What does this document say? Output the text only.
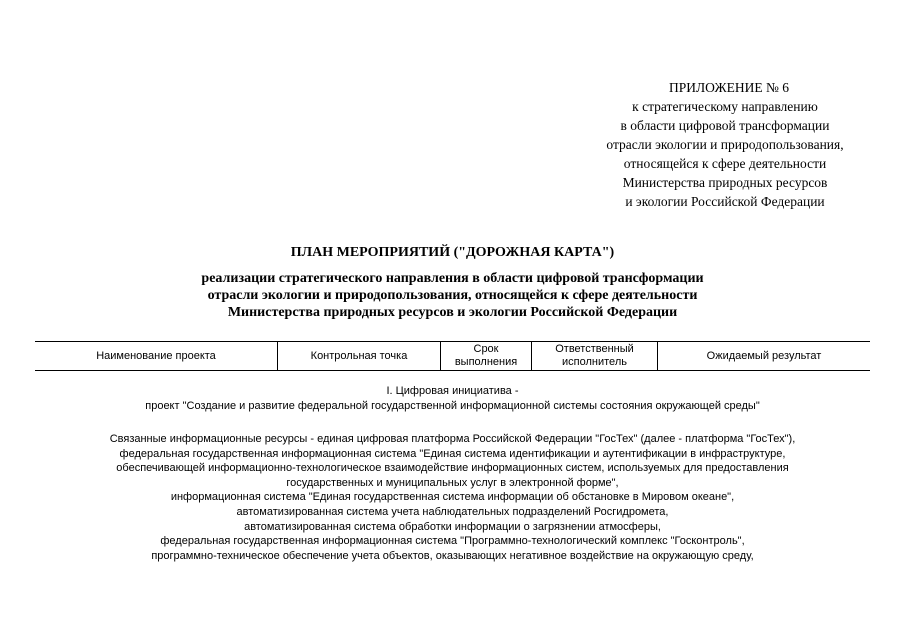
ПРИЛОЖЕНИЕ № 6
к стратегическому направлению
в области цифровой трансформации
отрасли экологии и природопользования,
относящейся к сфере деятельности
Министерства природных ресурсов
и экологии Российской Федерации
ПЛАН МЕРОПРИЯТИЙ ("ДОРОЖНАЯ КАРТА")
реализации стратегического направления в области цифровой трансформации
отрасли экологии и природопользования, относящейся к сфере деятельности
Министерства природных ресурсов и экологии Российской Федерации
Наименование проекта	Контрольная точка	Срок выполнения	Ответственный исполнитель	Ожидаемый результат
I. Цифровая инициатива -
проект "Создание и развитие федеральной государственной информационной системы состояния окружающей среды"
Связанные информационные ресурсы - единая цифровая платформа Российской Федерации "ГосТех" (далее - платформа "ГосТех"),
федеральная государственная информационная система "Единая система идентификации и аутентификации в инфраструктуре,
обеспечивающей информационно-технологическое взаимодействие информационных систем, используемых для предоставления
государственных и муниципальных услуг в электронной форме",
информационная система "Единая государственная система информации об обстановке в Мировом океане",
автоматизированная система учета наблюдательных подразделений Росгидромета,
автоматизированная система обработки информации о загрязнении атмосферы,
федеральная государственная информационная система "Программно-технологический комплекс "Госконтроль",
программно-техническое обеспечение учета объектов, оказывающих негативное воздействие на окружающую среду,
